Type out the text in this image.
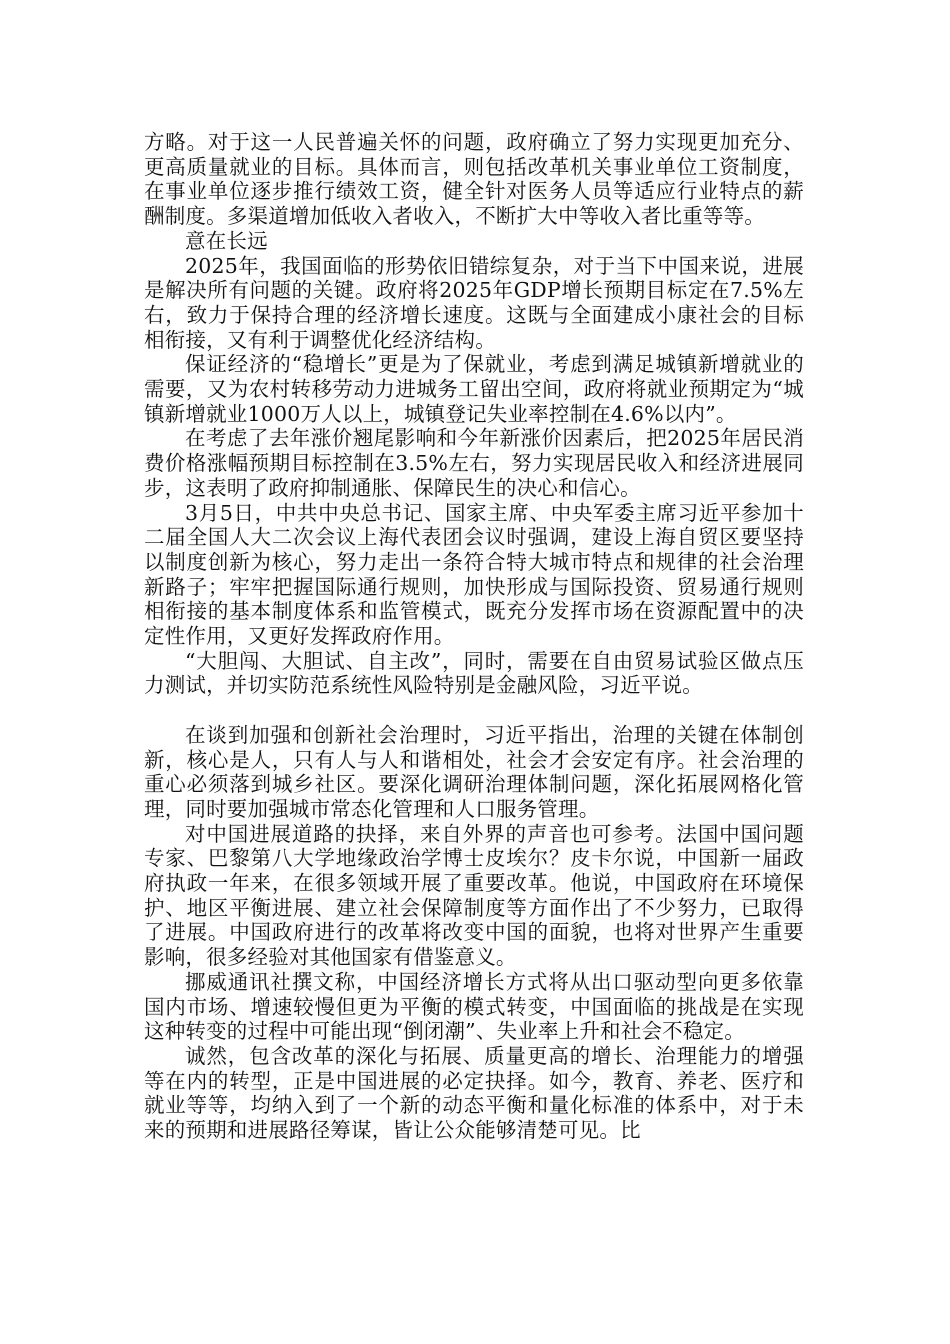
方略。对于这一人民普遍关怀的问题，政府确立了努力实现更加充分、更高质量就业的目标。具体而言，则包括改革机关事业单位工资制度，在事业单位逐步推行绩效工资，健全针对医务人员等适应行业特点的薪酬制度。多渠道增加低收入者收入，不断扩大中等收入者比重等等。

意在长远

2025年，我国面临的形势依旧错综复杂，对于当下中国来说，进展是解决所有问题的关键。政府将2025年GDP增长预期目标定在7.5%左右，致力于保持合理的经济增长速度。这既与全面建成小康社会的目标相衔接，又有利于调整优化经济结构。

保证经济的“稳增长”更是为了保就业，考虑到满足城镇新增就业的需要，又为农村转移劳动力进城务工留出空间，政府将就业预期定为“城镇新增就业1000万人以上，城镇登记失业率控制在4.6%以内”。

在考虑了去年涨价翘尾影响和今年新涨价因素后，把2025年居民消费价格涨幅预期目标控制在3.5%左右，努力实现居民收入和经济进展同步，这表明了政府抑制通胀、保障民生的决心和信心。

3月5日，中共中央总书记、国家主席、中央军委主席习近平参加十二届全国人大二次会议上海代表团会议时强调，建设上海自贸区要坚持以制度创新为核心，努力走出一条符合特大城市特点和规律的社会治理新路子；牢牢把握国际通行规则，加快形成与国际投资、贸易通行规则相衔接的基本制度体系和监管模式，既充分发挥市场在资源配置中的决定性作用，又更好发挥政府作用。

“大胆闯、大胆试、自主改”，同时，需要在自由贸易试验区做点压力测试，并切实防范系统性风险特别是金融风险，习近平说。

在谈到加强和创新社会治理时，习近平指出，治理的关键在体制创新，核心是人，只有人与人和谐相处，社会才会安定有序。社会治理的重心必须落到城乡社区。要深化调研治理体制问题，深化拓展网格化管理，同时要加强城市常态化管理和人口服务管理。

对中国进展道路的抉择，来自外界的声音也可参考。法国中国问题专家、巴黎第八大学地缘政治学博士皮埃尔？皮卡尔说，中国新一届政府执政一年来，在很多领域开展了重要改革。他说，中国政府在环境保护、地区平衡进展、建立社会保障制度等方面作出了不少努力，已取得了进展。中国政府进行的改革将改变中国的面貌，也将对世界产生重要影响，很多经验对其他国家有借鉴意义。

挪威通讯社撰文称，中国经济增长方式将从出口驱动型向更多依靠国内市场、增速较慢但更为平衡的模式转变，中国面临的挑战是在实现这种转变的过程中可能出现“倒闭潮”、失业率上升和社会不稳定。

诚然，包含改革的深化与拓展、质量更高的增长、治理能力的增强等在内的转型，正是中国进展的必定抉择。如今，教育、养老、医疗和就业等等，均纳入到了一个新的动态平衡和量化标准的体系中，对于未来的预期和进展路径筹谋，皆让公众能够清楚可见。比
